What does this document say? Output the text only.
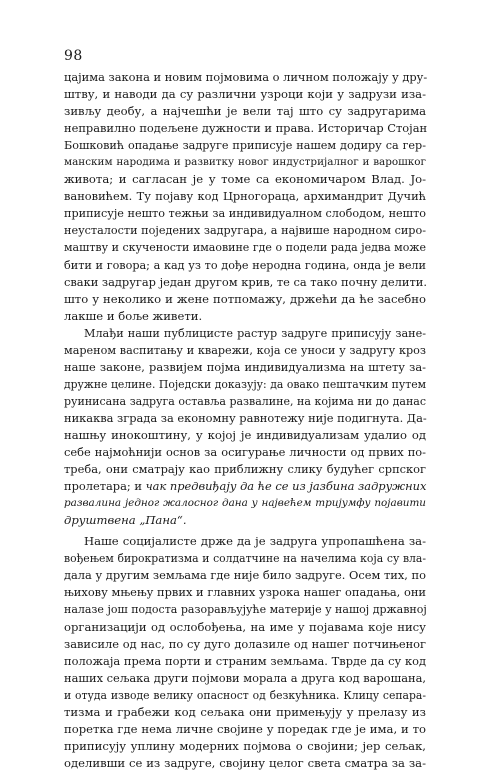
98
цајима закона и новим појмовима о личном положају у дру-
штву, и наводи да су различни узроци који у задрузи иза-
зивљу деобу, а најчешћи је вели тај што су задругарима
неправилно подељене дужности и права. Историчар Стојан
Бошковић опадање задруге приписује нашем додиру са гер-
манским народима и развитку новог индустријалног и варошког
живота; и сагласан је у томе са економичаром Влад. Јо-
вановићем. Ту појаву код Црногораца, архимандрит Дучић
приписује нешто тежњи за индивидуалном слободом, нешто
неусталости поједених задругара, а највише народном сиро-
маштву и скучености имаовине где о подели рада једва може
бити и говора; а кад уз то дође неродна година, онда је вели
сваки задругар један другом крив, те са тако почну делити.
што у неколико и жене потпомажу, држећи да ће засебно
лакше и боље живети.
Млађи наши публицисте растур задруге приписују зане-
мареном васпитању и кварежи, која се уноси у задругу кроз
наше законе, развијем појма индивидуализма на штету за-
дружне целине. Поједски доказују: да овако пештачким путем
руинисана задруга оставља развалине, на којима ни до данас
никаква зграда за економну равнотежу није подигнута. Да-
нашњу инокоштину, у којој је индивидуализам удалио од
себе најмоћнији основ за осигурање личности од првих по-
треба, они сматрају као приближну слику будућег српског
пролетара; и чак предвиђају да ће се из јазбина задружних
развалина једног жалосног дана у највећем тријумфу појавити
друштвена „Пана“.
Наше социјалисте држе да је задруга упропашћена за-
вођењем бирократизма и солдатчине на начелима која су вла-
дала у другим земљама где није било задруге. Осем тих, по
њихову мњењу првих и главних узрока нашег опадања, они
налазе још подоста разорављујуће материје у нашој државној
организацији од ослобођења, на име у појавама које нису
зависиле од нас, по су дуго долазиле од нашег потчињеног
положаја према порти и страним земљама. Тврде да су код
наших сељака други појмови морала а друга код варошана,
и отуда изводе велику опасност од безкућника. Клицу сепара-
тизма и грабежи код сељака они примењују у прелазу из
поретка где нема личне својине у поредак где је има, и то
приписују уплину модерних појмова о својини; јер сељак,
оделивши се из задруге, својину целог света сматра за за-
